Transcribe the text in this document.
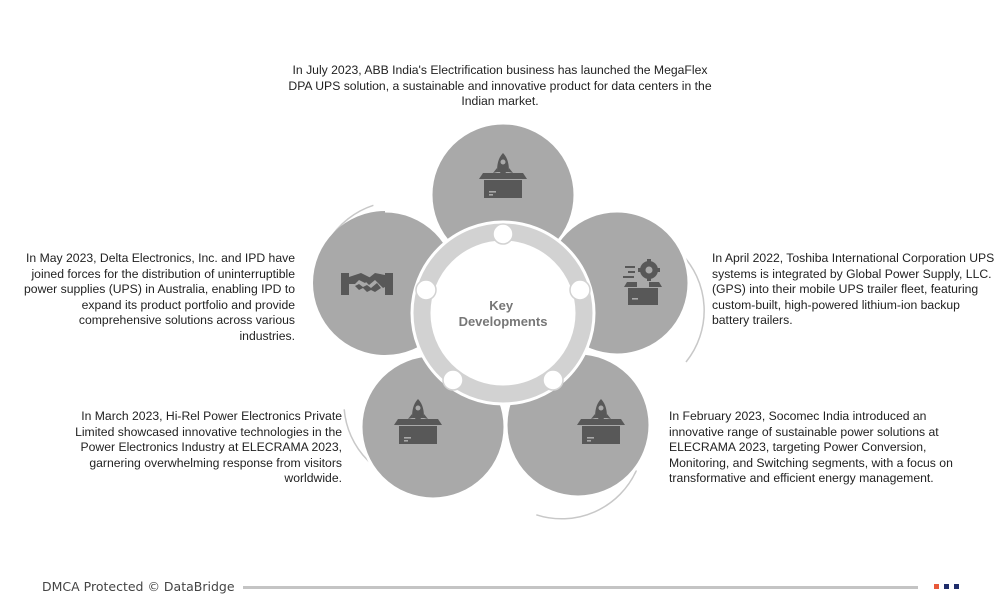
Key Developments

In July 2023, ABB India's Electrification business has launched the MegaFlex DPA UPS solution, a sustainable and innovative product for data centers in the Indian market.

In April 2022, Toshiba International Corporation UPS systems is integrated by Global Power Supply, LLC. (GPS) into their mobile UPS trailer fleet, featuring custom-built, high-powered lithium-ion backup battery trailers.

In February 2023, Socomec India introduced an innovative range of sustainable power solutions at ELECRAMA 2023, targeting Power Conversion, Monitoring, and Switching segments, with a focus on transformative and efficient energy management.

In March 2023, Hi-Rel Power Electronics Private Limited showcased innovative technologies in the Power Electronics Industry at ELECRAMA 2023, garnering overwhelming response from visitors worldwide.

In May 2023, Delta Electronics, Inc. and IPD have joined forces for the distribution of uninterruptible power supplies (UPS) in Australia, enabling IPD to expand its product portfolio and provide comprehensive solutions across various industries.

DMCA Protected © DataBridge
